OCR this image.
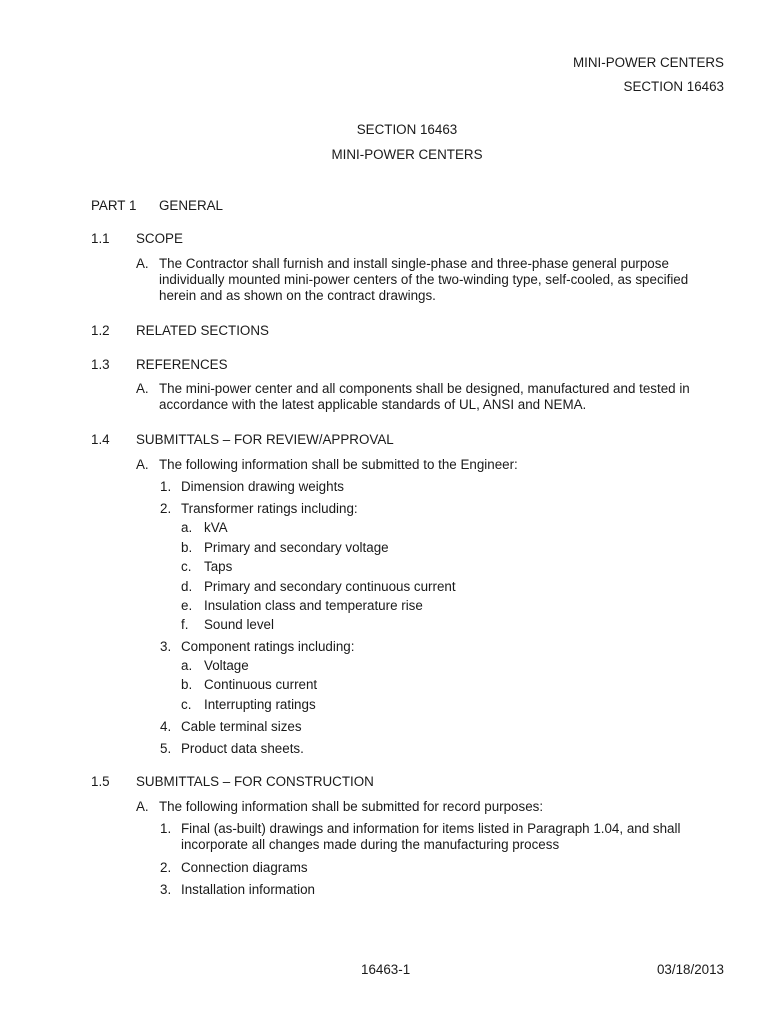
MINI-POWER CENTERS
SECTION 16463
SECTION 16463
MINI-POWER CENTERS
PART 1 GENERAL
1.1 SCOPE
A. The Contractor shall furnish and install single-phase and three-phase general purpose individually mounted mini-power centers of the two-winding type, self-cooled, as specified herein and as shown on the contract drawings.
1.2 RELATED SECTIONS
1.3 REFERENCES
A. The mini-power center and all components shall be designed, manufactured and tested in accordance with the latest applicable standards of UL, ANSI and NEMA.
1.4 SUBMITTALS – FOR REVIEW/APPROVAL
A. The following information shall be submitted to the Engineer:
1. Dimension drawing weights
2. Transformer ratings including:
a. kVA
b. Primary and secondary voltage
c. Taps
d. Primary and secondary continuous current
e. Insulation class and temperature rise
f. Sound level
3. Component ratings including:
a. Voltage
b. Continuous current
c. Interrupting ratings
4. Cable terminal sizes
5. Product data sheets.
1.5 SUBMITTALS – FOR CONSTRUCTION
A. The following information shall be submitted for record purposes:
1. Final (as-built) drawings and information for items listed in Paragraph 1.04, and shall incorporate all changes made during the manufacturing process
2. Connection diagrams
3. Installation information
16463-1	03/18/2013
